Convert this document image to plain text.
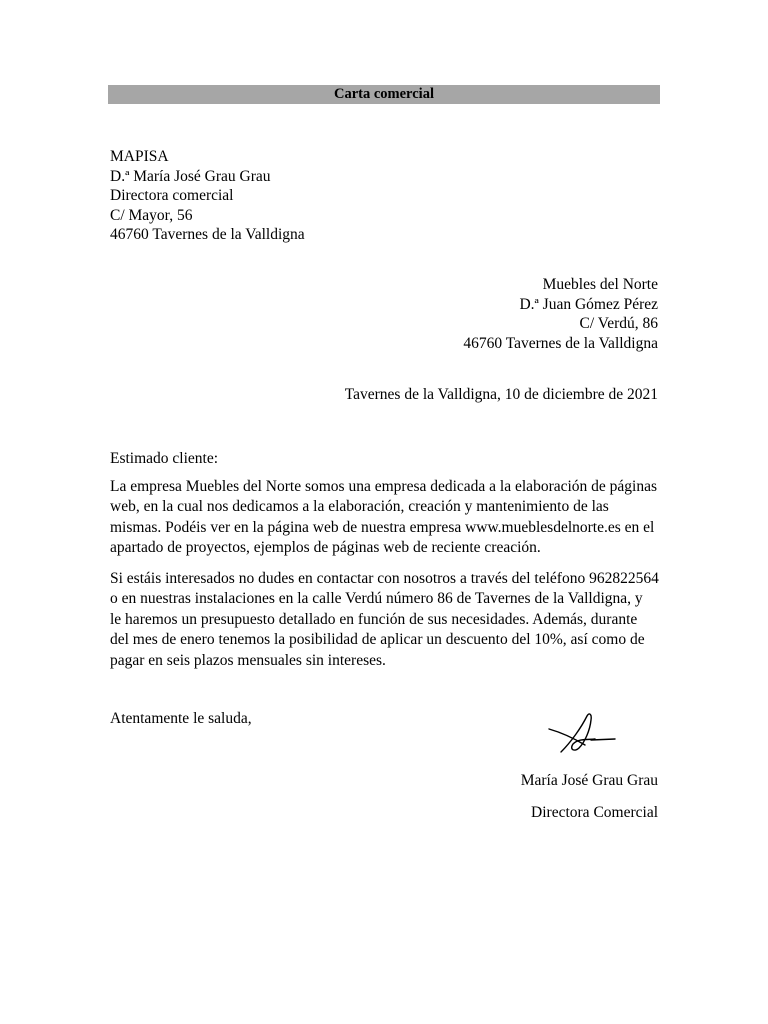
Carta comercial
MAPISA
D.ª María José Grau Grau
Directora comercial
C/ Mayor, 56
46760 Tavernes de la Valldigna
Muebles del Norte
D.ª Juan Gómez Pérez
C/ Verdú, 86
46760 Tavernes de la Valldigna
Tavernes de la Valldigna, 10 de diciembre de 2021
Estimado cliente:
La empresa Muebles del Norte somos una empresa dedicada a la elaboración de páginas
web, en la cual nos dedicamos a la elaboración, creación y mantenimiento de las
mismas. Podéis ver en la página web de nuestra empresa www.mueblesdelnorte.es en el
apartado de proyectos, ejemplos de páginas web de reciente creación.
Si estáis interesados no dudes en contactar con nosotros a través del teléfono 962822564
o en nuestras instalaciones en la calle Verdú número 86 de Tavernes de la Valldigna, y
le haremos un presupuesto detallado en función de sus necesidades. Además, durante
del mes de enero tenemos la posibilidad de aplicar un descuento del 10%, así como de
pagar en seis plazos mensuales sin intereses.
Atentamente le saluda,
María José Grau Grau
Directora Comercial
